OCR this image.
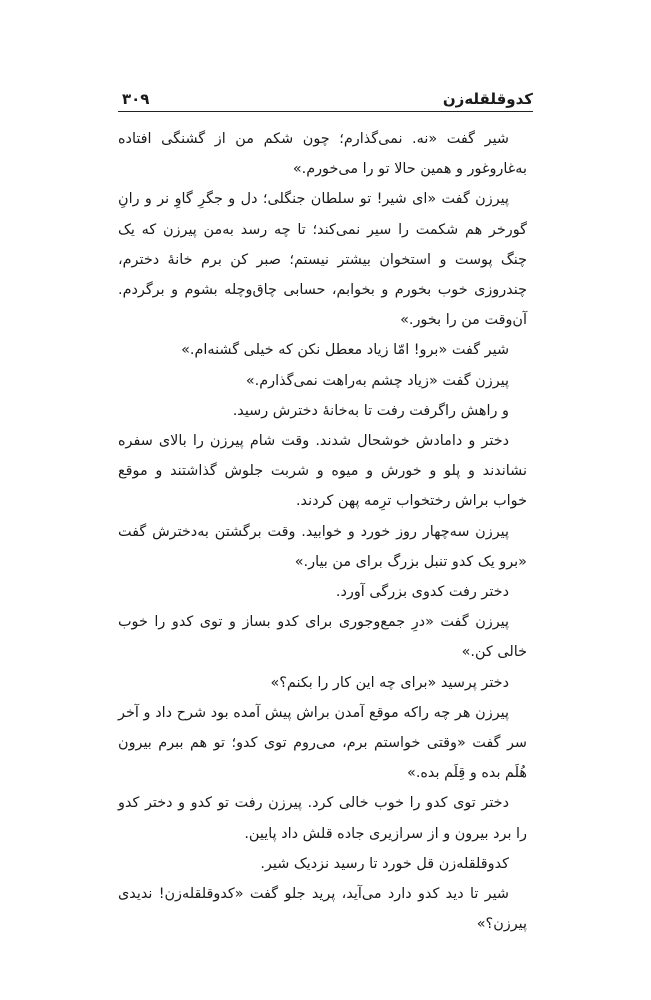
کدوقلقله‌زن
۳۰۹

شیر گفت «نه. نمی‌گذارم؛ چون شکم من از گشنگی افتاده به‌غاروغور و همین حالا تو را می‌خورم.»

پیرزن گفت «ای شیر! تو سلطان جنگلی؛ دل و جگرِ گاوِ نر و رانِ گورخر هم شکمت را سیر نمی‌کند؛ تا چه رسد به‌من پیرزن که یک چنگ پوست و استخوان بیشتر نیستم؛ صبر کن برم خانهٔ دخترم، چندروزی خوب بخورم و بخوابم، حسابی چاق‌وچله بشوم و برگردم. آن‌وقت من را بخور.»

شیر گفت «برو! امّا زیاد معطل نکن که خیلی گشنه‌ام.»

پیرزن گفت «زیاد چشم به‌راهت نمی‌گذارم.»

و راهش راگرفت رفت تا به‌خانهٔ دخترش رسید.

دختر و دامادش خوشحال شدند. وقت شام پیرزن را بالای سفره نشاندند و پلو و خورش و میوه و شربت جلوش گذاشتند و موقع خواب براش رختخواب ترِمه پهن کردند.

پیرزن سه‌چهار روز خورد و خوابید. وقت برگشتن به‌دخترش گفت «برو یک کدو تنبل بزرگ برای من بیار.»

دختر رفت کدوی بزرگی آورد.

پیرزن گفت «درِ جمع‌وجوری برای کدو بساز و توی کدو را خوب خالی کن.»

دختر پرسید «برای چه این کار را بکنم؟»

پیرزن هر چه راکه موقع آمدن براش پیش آمده بود شرح داد و آخر سر گفت «وقتی خواستم برم، می‌روم توی کدو؛ تو هم ببرم بیرون هُلَم بده و قِلَم بده.»

دختر توی کدو را خوب خالی کرد. پیرزن رفت تو کدو و دختر کدو را برد بیرون و از سرازیری جاده قلش داد پایین.

کدوقلقله‌زن قل خورد تا رسید نزدیک شیر.

شیر تا دید کدو دارد می‌آید، پرید جلو گفت «کدوقلقله‌زن! ندیدی پیرزن؟»
